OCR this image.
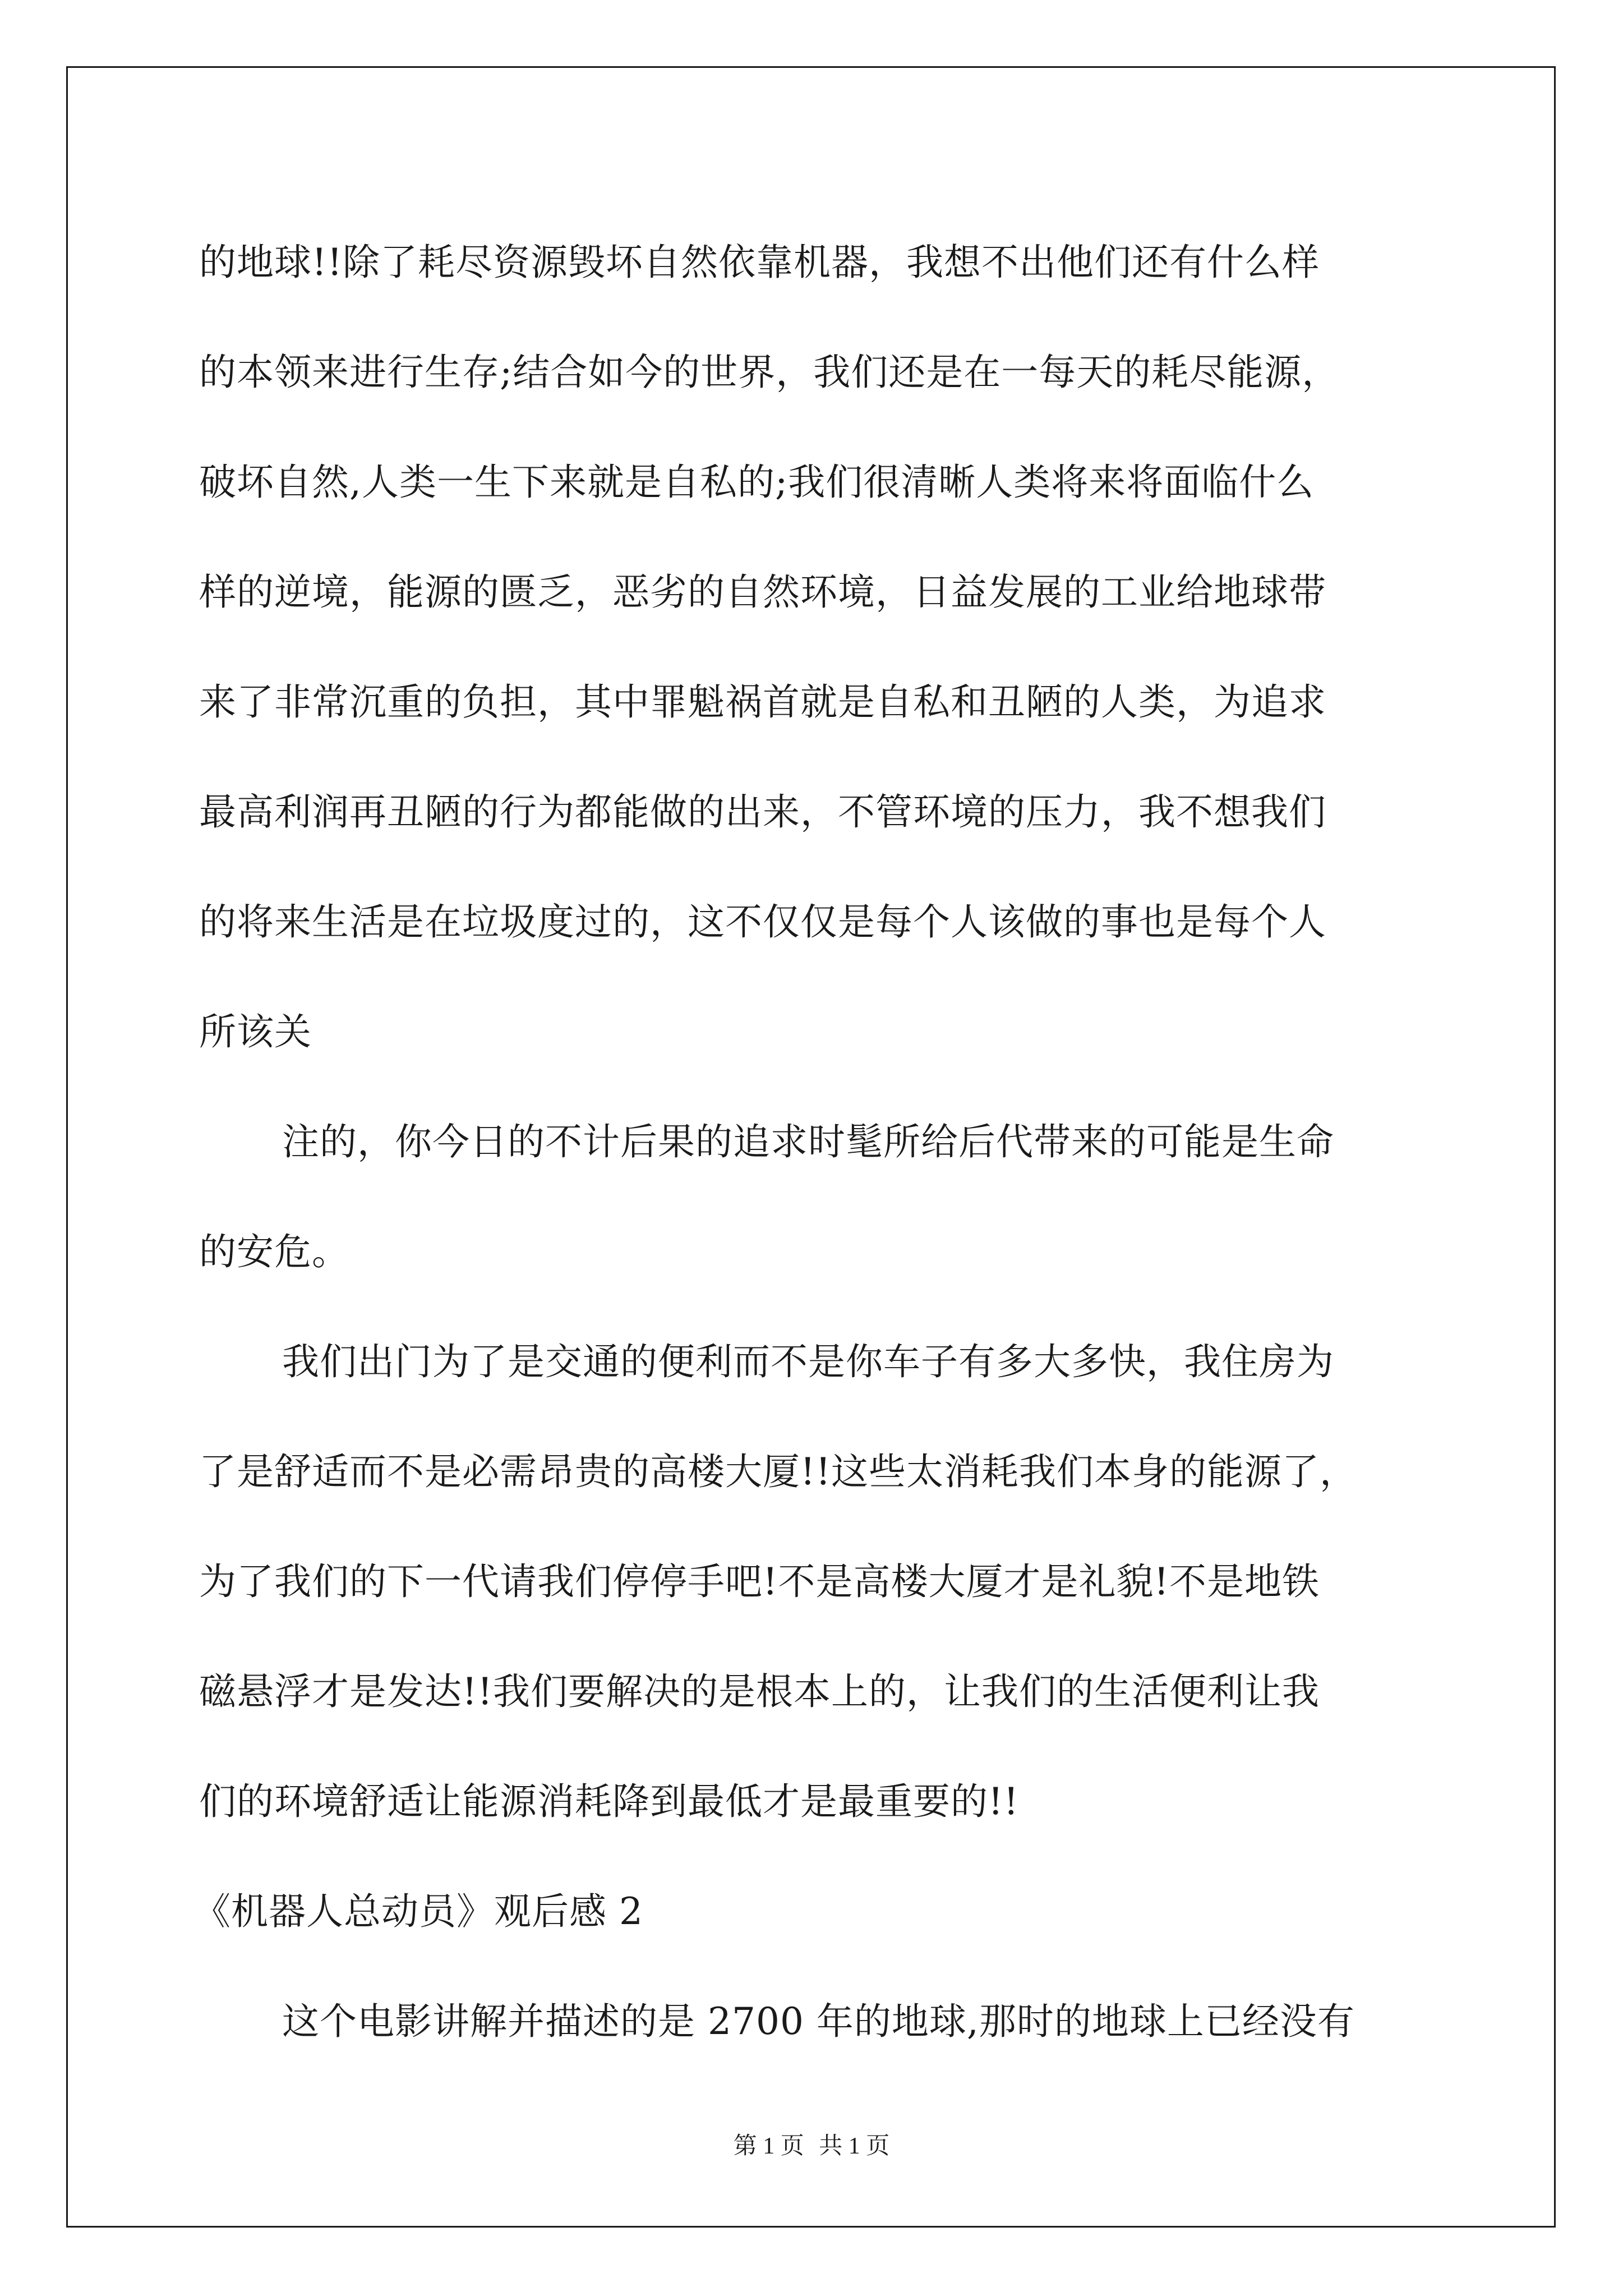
的地球!!除了耗尽资源毁坏自然依靠机器，我想不出他们还有什么样
的本领来进行生存;结合如今的世界，我们还是在一每天的耗尽能源，
破坏自然,人类一生下来就是自私的;我们很清晰人类将来将面临什么
样的逆境，能源的匮乏，恶劣的自然环境，日益发展的工业给地球带
来了非常沉重的负担，其中罪魁祸首就是自私和丑陋的人类，为追求
最高利润再丑陋的行为都能做的出来，不管环境的压力，我不想我们
的将来生活是在垃圾度过的，这不仅仅是每个人该做的事也是每个人
所该关
注的，你今日的不计后果的追求时髦所给后代带来的可能是生命
的安危。
我们出门为了是交通的便利而不是你车子有多大多快，我住房为
了是舒适而不是必需昂贵的高楼大厦!!这些太消耗我们本身的能源了，
为了我们的下一代请我们停停手吧!不是高楼大厦才是礼貌!不是地铁
磁悬浮才是发达!!我们要解决的是根本上的，让我们的生活便利让我
们的环境舒适让能源消耗降到最低才是最重要的!!
《机器人总动员》观后感 2
这个电影讲解并描述的是 2700 年的地球,那时的地球上已经没有
第 1 页 共 1 页
